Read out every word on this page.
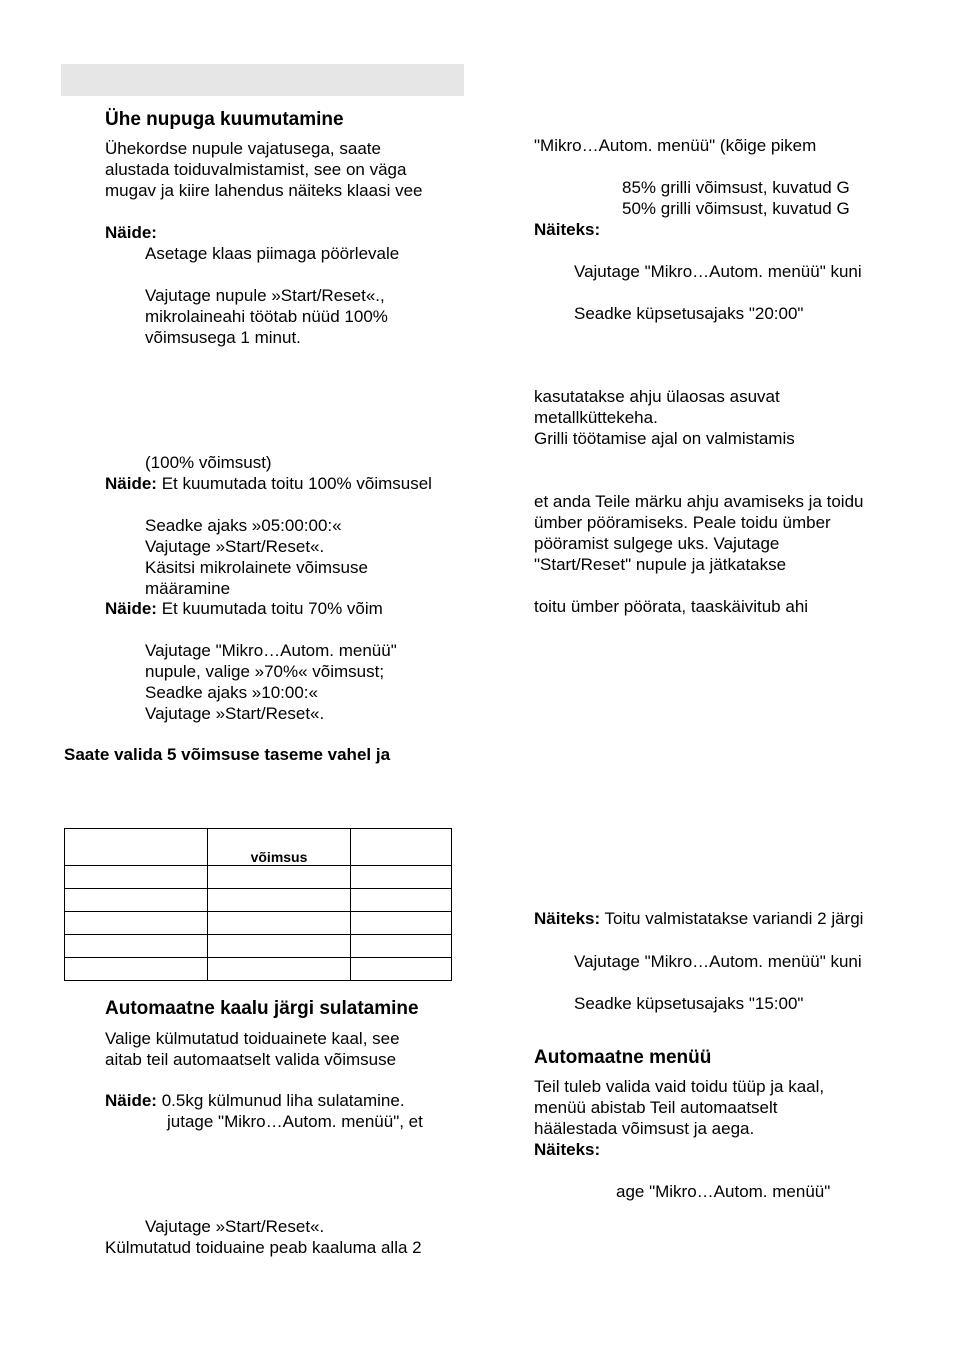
Ühe nupuga kuumutamine
Ühekordse nupule vajatusega, saate
alustada toiduvalmistamist, see on väga
mugav ja kiire lahendus näiteks klaasi vee
Näide:
Asetage klaas piimaga pöörlevale
Vajutage nupule »Start/Reset«.,
mikrolaineahi töötab nüüd 100%
võimsusega 1 minut.
(100% võimsust)
Näide: Et kuumutada toitu 100% võimsusel
Seadke ajaks »05:00:00:«
Vajutage »Start/Reset«.
Käsitsi mikrolainete võimsuse
määramine
Näide: Et kuumutada toitu 70% võim
Vajutage "Mikro…Autom. menüü"
nupule, valige »70%« võimsust;
Seadke ajaks »10:00:«
Vajutage »Start/Reset«.
Saate valida 5 võimsuse taseme vahel ja
	võimsus	

Automaatne kaalu järgi sulatamine
Valige külmutatud toiduainete kaal, see
aitab teil automaatselt valida võimsuse
Näide: 0.5kg külmunud liha sulatamine.
jutage "Mikro…Autom. menüü", et
Vajutage »Start/Reset«.
Külmutatud toiduaine peab kaaluma alla 2
"Mikro…Autom. menüü" (kõige pikem
85% grilli võimsust, kuvatud G
50% grilli võimsust, kuvatud G
Näiteks:
Vajutage "Mikro…Autom. menüü" kuni
Seadke küpsetusajaks "20:00"
kasutatakse ahju ülaosas asuvat
metallküttekeha.
Grilli töötamise ajal on valmistamis
et anda Teile märku ahju avamiseks ja toidu
ümber pööramiseks. Peale toidu ümber
pööramist sulgege uks. Vajutage
"Start/Reset" nupule ja jätkatakse
toitu ümber pöörata, taaskäivitub ahi
Näiteks: Toitu valmistatakse variandi 2 järgi
Vajutage "Mikro…Autom. menüü" kuni
Seadke küpsetusajaks "15:00"
Automaatne menüü
Teil tuleb valida vaid toidu tüüp ja kaal,
menüü abistab Teil automaatselt
häälestada võimsust ja aega.
Näiteks:
age "Mikro…Autom. menüü"
